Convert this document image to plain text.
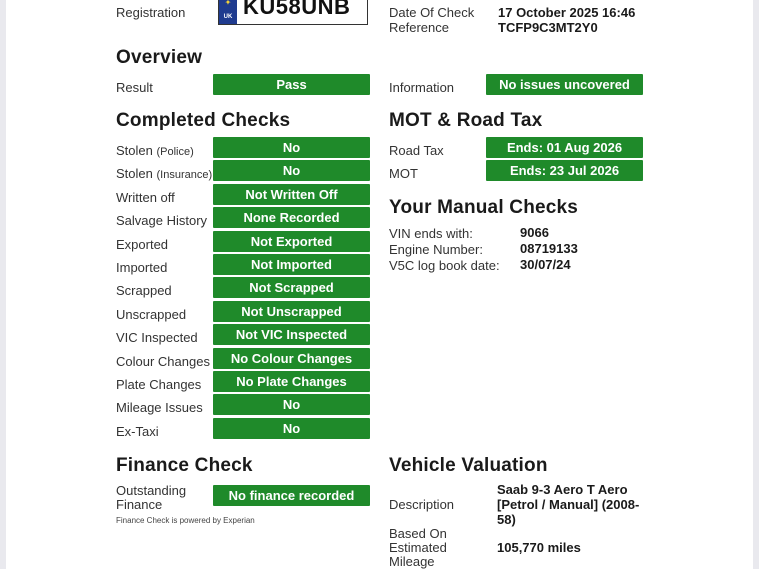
Registration
✦
UK KU58UNB	Date Of Check 17 October 2025 16:46
Reference	TCFP9C3MT2Y0
Overview
Result	Pass	Information	No issues uncovered
Completed Checks
Stolen (Police)	No
Stolen (Insurance)	No
Written off	Not Written Off
Salvage History	None Recorded
Exported	Not Exported
Imported	Not Imported
Scrapped	Not Scrapped
Unscrapped	Not Unscrapped
VIC Inspected	Not VIC Inspected
Colour Changes	No Colour Changes
Plate Changes	No Plate Changes
Mileage Issues	No
Ex-Taxi	No
MOT & Road Tax
Road Tax	Ends: 01 Aug 2026
MOT	Ends: 23 Jul 2026
Your Manual Checks
VIN ends with:	9066
Engine Number:	08719133
V5C log book date: 30/07/24
Finance Check
Outstanding
Finance
No finance recorded
Finance Check is powered by Experian
Vehicle Valuation
Description
Saab 9-3 Aero T Aero
[Petrol / Manual] (2008-
58)
Based On
Estimated
Mileage
105,770 miles
